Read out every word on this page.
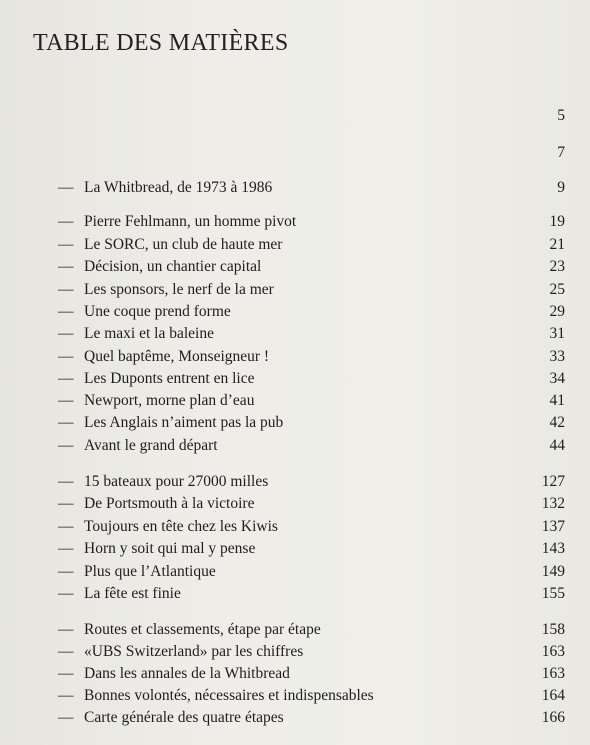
TABLE DES MATIÈRES
5
7
— La Whitbread, de 1973 à 1986	9
— Pierre Fehlmann, un homme pivot	19
— Le SORC, un club de haute mer	21
— Décision, un chantier capital	23
— Les sponsors, le nerf de la mer	25
— Une coque prend forme	29
— Le maxi et la baleine	31
— Quel baptême, Monseigneur !	33
— Les Duponts entrent en lice	34
— Newport, morne plan d’eau	41
— Les Anglais n’aiment pas la pub	42
— Avant le grand départ	44
— 15 bateaux pour 27000 milles	127
— De Portsmouth à la victoire	132
— Toujours en tête chez les Kiwis	137
— Horn y soit qui mal y pense	143
— Plus que l’Atlantique	149
— La fête est finie	155
— Routes et classements, étape par étape	158
— «UBS Switzerland» par les chiffres	163
— Dans les annales de la Whitbread	163
— Bonnes volontés, nécessaires et indispensables	164
— Carte générale des quatre étapes	166
